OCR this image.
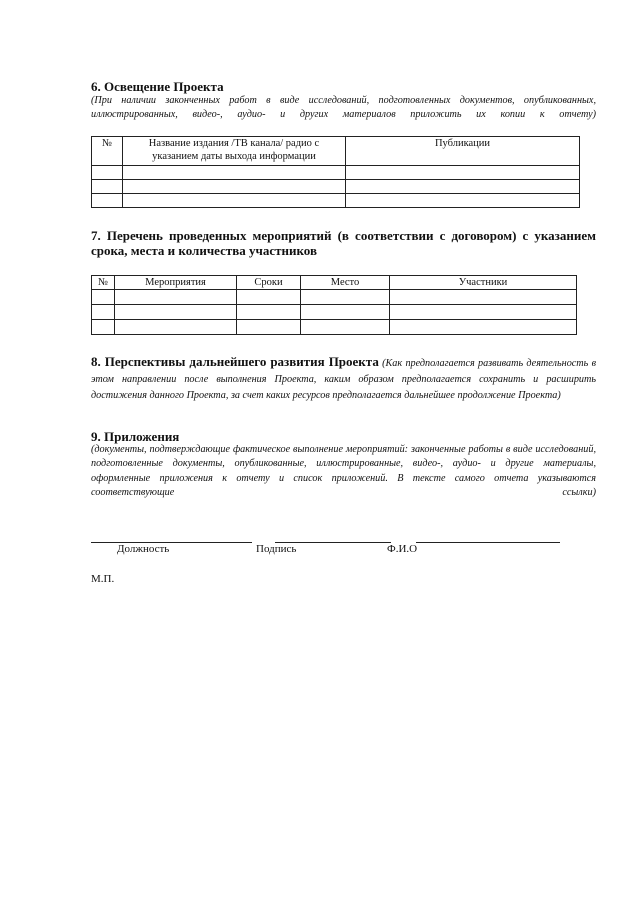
6. Освещение Проекта
(При наличии законченных работ в виде исследований, подготовленных документов, опубликованных, иллюстрированных, видео-, аудио- и других материалов приложить их копии к отчету)
№	Название издания /ТВ канала/ радио с указанием даты выхода информации	Публикации

7. Перечень проведенных мероприятий (в соответствии с договором) с указанием срока, места и количества участников
№	Мероприятия	Сроки	Место	Участники

8. Перспективы дальнейшего развития Проекта (Как предполагается развивать деятельность в этом направлении после выполнения Проекта, каким образом предполагается сохранить и расширить достижения данного Проекта, за счет каких ресурсов предполагается дальнейшее продолжение Проекта)
9. Приложения
(документы, подтверждающие фактическое выполнение мероприятий: законченные работы в виде исследований, подготовленные документы, опубликованные, иллюстрированные, видео-, аудио- и другие материалы, оформленные приложения к отчету и список приложений. В тексте самого отчета указываются соответствующие ссылки)
Должность	Подпись	Ф.И.О
М.П.
